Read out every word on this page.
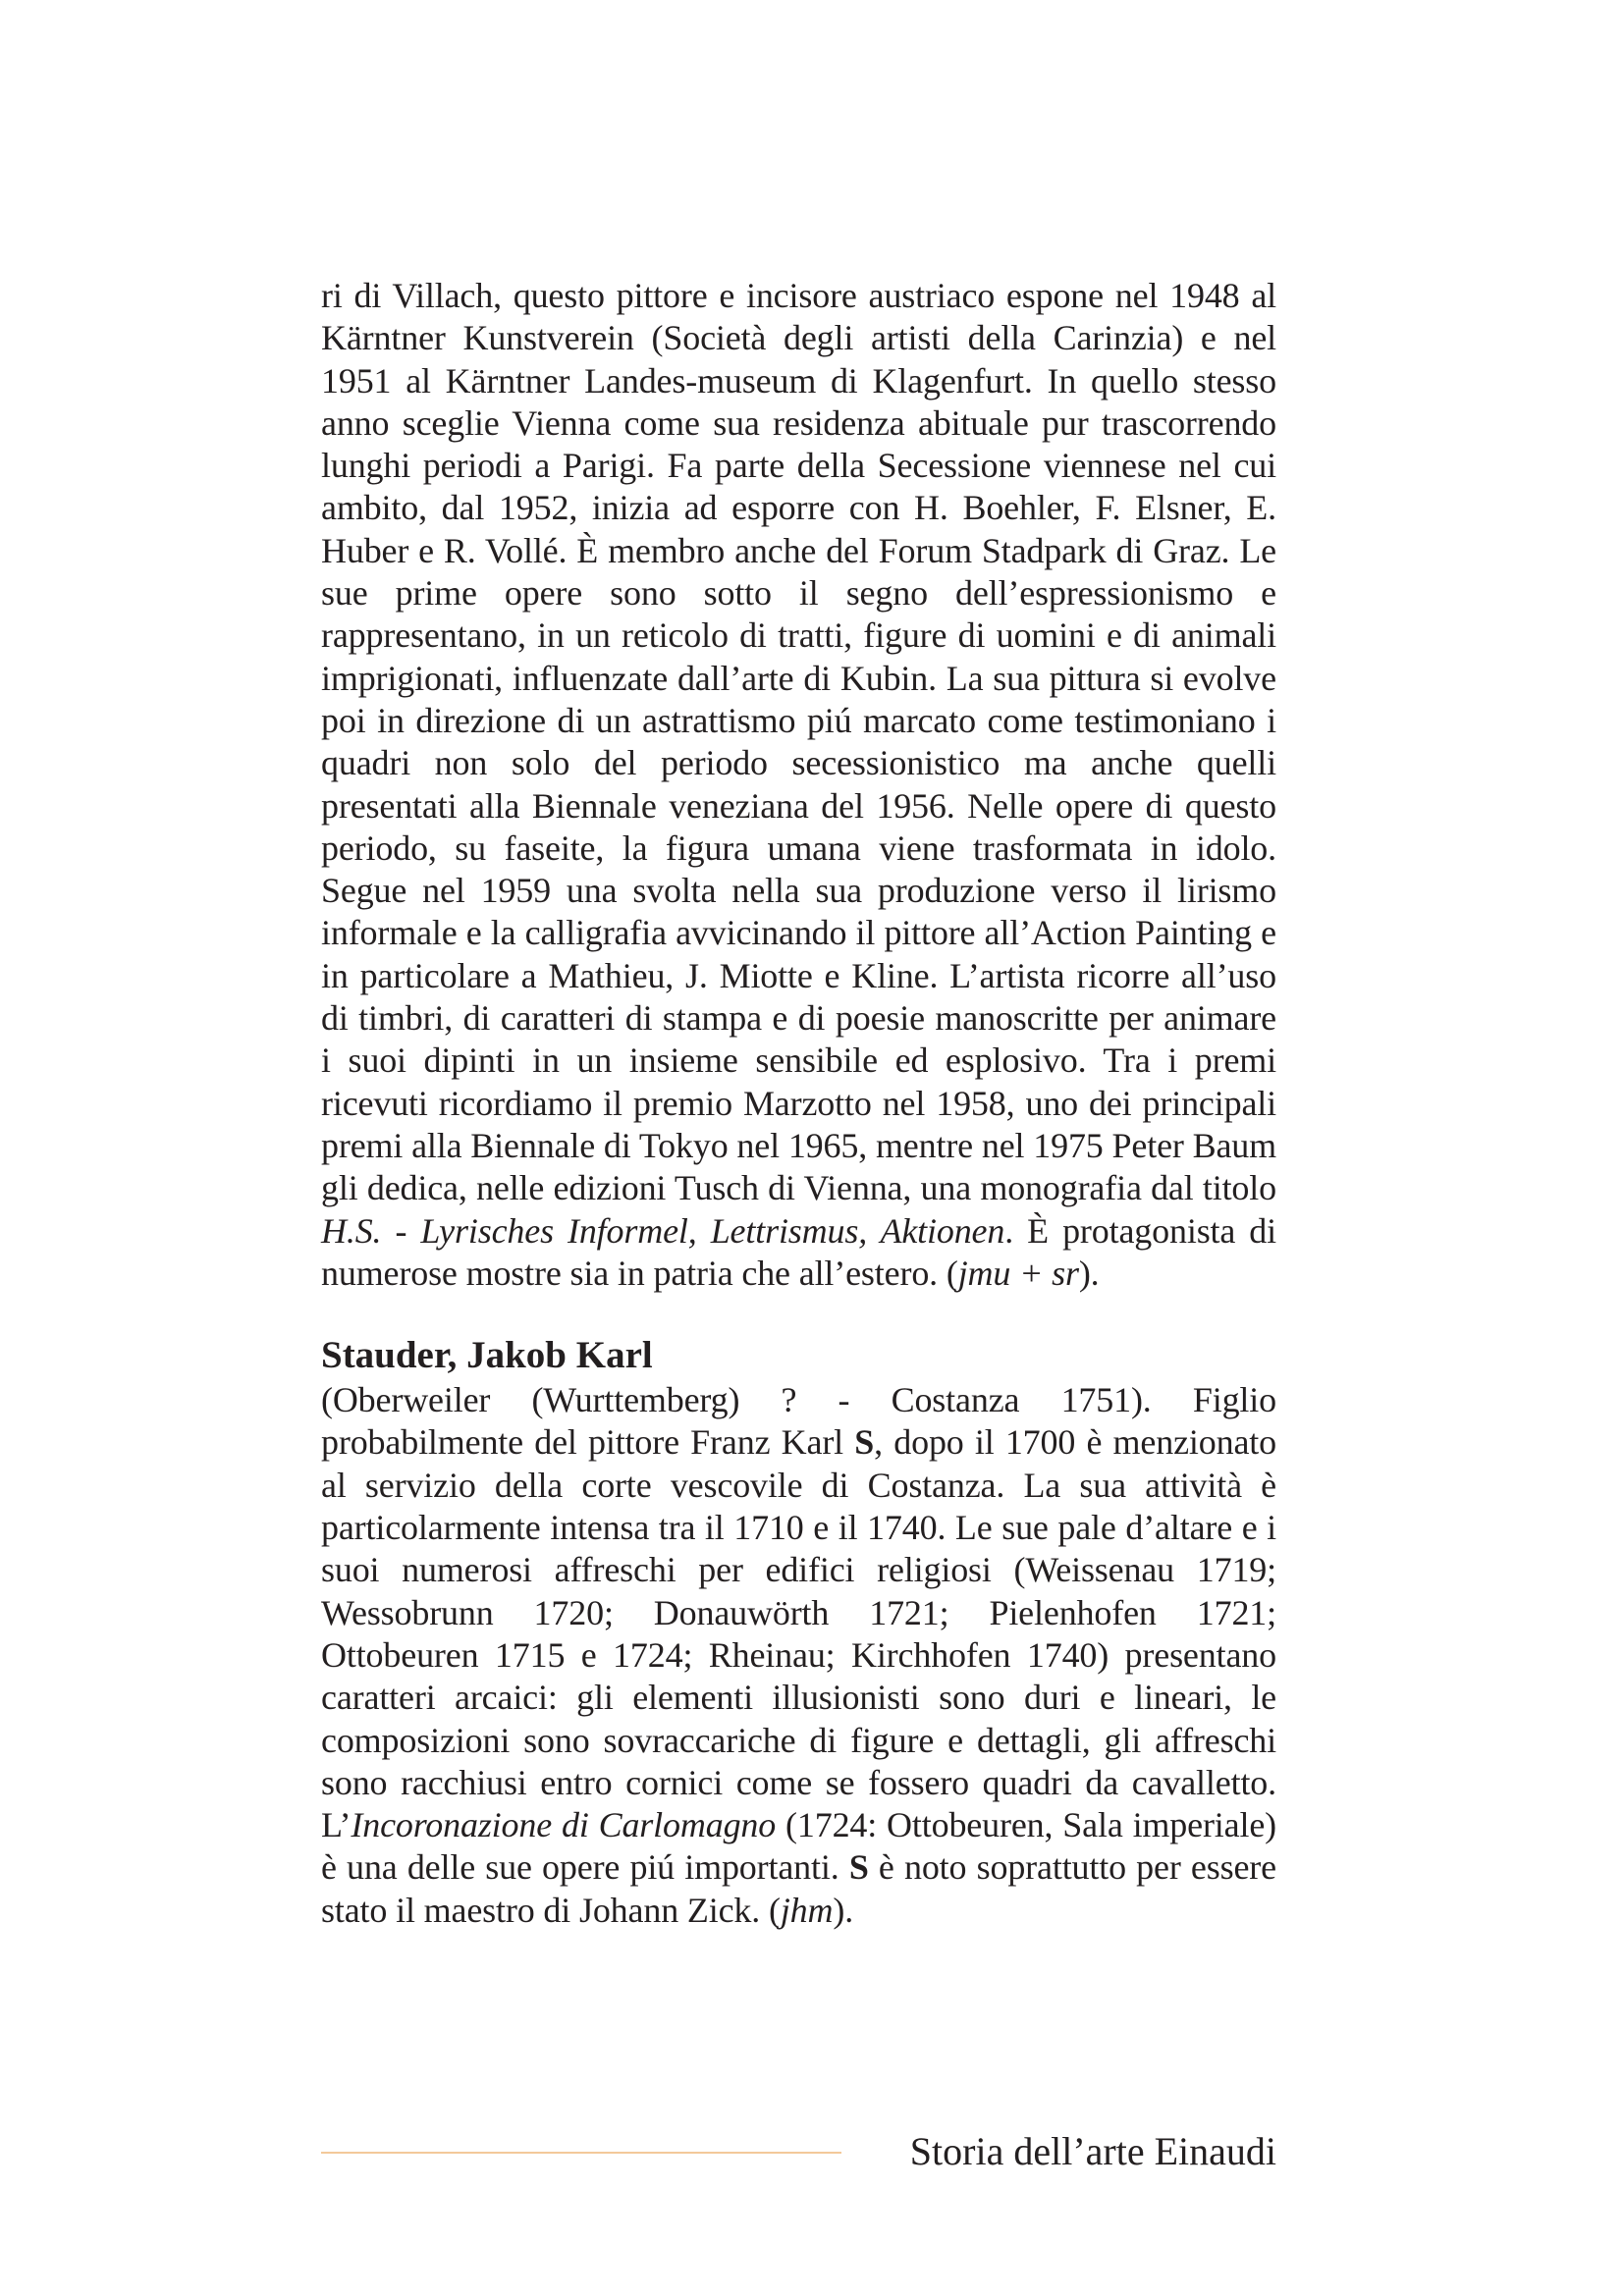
ri di Villach, questo pittore e incisore austriaco espone nel 1948 al Kärntner Kunstverein (Società degli artisti della Carinzia) e nel 1951 al Kärntner Landes-museum di Klagenfurt. In quello stesso anno sceglie Vienna come sua residenza abituale pur trascorrendo lunghi periodi a Parigi. Fa parte della Secessione viennese nel cui ambito, dal 1952, inizia ad esporre con H. Boehler, F. Elsner, E. Huber e R. Vollé. È membro anche del Forum Stadpark di Graz. Le sue prime opere sono sotto il segno dell’espressionismo e rappresentano, in un reticolo di tratti, figure di uomini e di animali imprigionati, influenzate dall’arte di Kubin. La sua pittura si evolve poi in direzione di un astrattismo piú marcato come testimoniano i quadri non solo del periodo secessionistico ma anche quelli presentati alla Biennale veneziana del 1956. Nelle opere di questo periodo, su faseite, la figura umana viene trasformata in idolo. Segue nel 1959 una svolta nella sua produzione verso il lirismo informale e la calligrafia avvicinando il pittore all’Action Painting e in particolare a Mathieu, J. Miotte e Kline. L’artista ricorre all’uso di timbri, di caratteri di stampa e di poesie manoscritte per animare i suoi dipinti in un insieme sensibile ed esplosivo. Tra i premi ricevuti ricordiamo il premio Marzotto nel 1958, uno dei principali premi alla Biennale di Tokyo nel 1965, mentre nel 1975 Peter Baum gli dedica, nelle edizioni Tusch di Vienna, una monografia dal titolo H.S. - Lyrisches Informel, Lettrismus, Aktionen. È protagonista di numerose mostre sia in patria che all’estero. (jmu + sr).

Stauder, Jakob Karl

(Oberweiler (Wurttemberg) ? - Costanza 1751). Figlio probabilmente del pittore Franz Karl S, dopo il 1700 è menzionato al servizio della corte vescovile di Costanza. La sua attività è particolarmente intensa tra il 1710 e il 1740. Le sue pale d’altare e i suoi numerosi affreschi per edifici religiosi (Weissenau 1719; Wessobrunn 1720; Donauwörth 1721; Pielenhofen 1721; Ottobeuren 1715 e 1724; Rheinau; Kirchhofen 1740) presentano caratteri arcaici: gli elementi illusionisti sono duri e lineari, le composizioni sono sovraccariche di figure e dettagli, gli affreschi sono racchiusi entro cornici come se fossero quadri da cavalletto. L’Incoronazione di Carlomagno (1724: Ottobeuren, Sala imperiale) è una delle sue opere piú importanti. S è noto soprattutto per essere stato il maestro di Johann Zick. (jhm).

Storia dell’arte Einaudi
